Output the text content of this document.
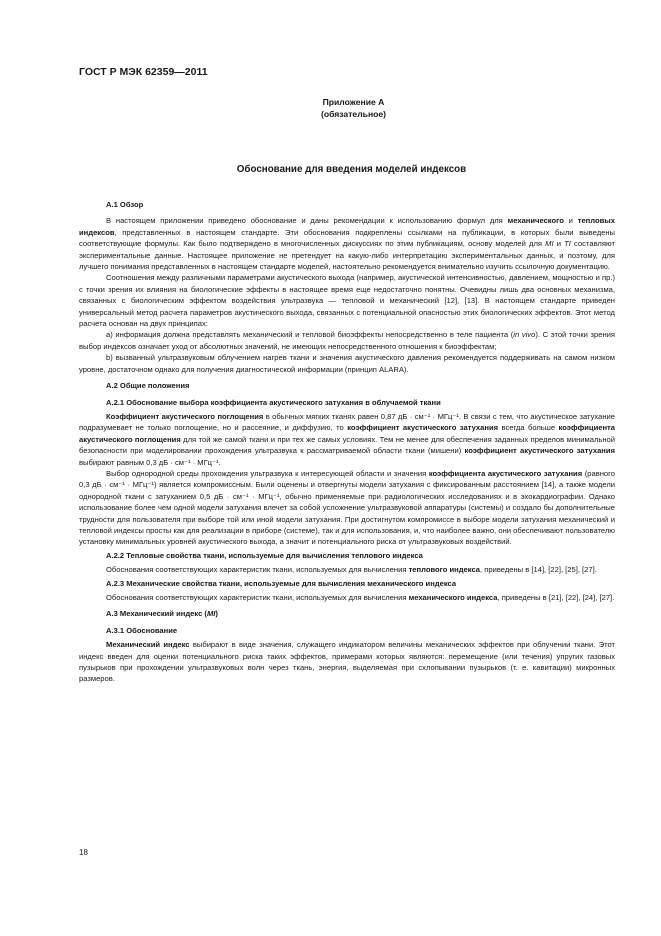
ГОСТ Р МЭК 62359—2011
Приложение А
(обязательное)
Обоснование для введения моделей индексов
А.1 Обзор

В настоящем приложении приведено обоснование и даны рекомендации к использованию формул для механического и тепловых индексов, представленных в настоящем стандарте. Эти обоснования подкреплены ссылками на публикации, в которых были выведены соответствующие формулы. Как было подтверждено в многочисленных дискуссиях по этим публикациям, основу моделей для MI и TI составляют экспериментальные данные. Настоящее приложение не претендует на какую-либо интерпретацию экспериментальных данных, и поэтому, для лучшего понимания представленных в настоящем стандарте моделей, настоятельно рекомендуется внимательно изучить ссылочную документацию.

Соотношения между различными параметрами акустического выхода (например, акустической интенсивностью, давлением, мощностью и пр.) с точки зрения их влияния на биологические эффекты в настоящее время еще недостаточно понятны. Очевидны лишь два основных механизма, связанных с биологическим эффектом воздействия ультразвука — тепловой и механический [12], [13]. В настоящем стандарте приведен универсальный метод расчета параметров акустического выхода, связанных с потенциальной опасностью этих биологических эффектов. Этот метод расчета основан на двух принципах:

a) информация должна представлять механический и тепловой биоэффекты непосредственно в теле пациента (in vivo). С этой точки зрения выбор индексов означает уход от абсолютных значений, не имеющих непосредственного отношения к биоэффектам;

b) вызванный ультразвуковым облучением нагрев ткани и значения акустического давления рекомендуется поддерживать на самом низком уровне, достаточном однако для получения диагностической информации (принцип ALARA).

А.2 Общие положения
А.2.1 Обоснование выбора коэффициента акустического затухания в облучаемой ткани

Коэффициент акустического поглощения в обычных мягких тканях равен 0,87 дБ · см⁻¹ · МГц⁻¹. В связи с тем, что акустическое затухание подразумевает не только поглощение, но и рассеяние, и диффузию, то коэффициент акустического затухания всегда больше коэффициента акустического поглощения для той же самой ткани и при тех же самых условиях. Тем не менее для обеспечения заданных пределов минимальной безопасности при моделировании прохождения ультразвука к рассматриваемой области ткани (мишени) коэффициент акустического затухания выбирают равным 0,3 дБ · см⁻¹ · МГц⁻¹.

Выбор однородной среды прохождения ультразвука к интересующей области и значения коэффициента акустического затухания (равного 0,3 дБ · см⁻¹ · МГц⁻¹) является компромиссным. Были оценены и отвергнуты модели затухания с фиксированным расстоянием [14], а также модели однородной ткани с затуханием 0,5 дБ · см⁻¹ · МГц⁻¹, обычно применяемые при радиологических исследованиях и в эхокардиографии. Однако использование более чем одной модели затухания влечет за собой усложнение ультразвуковой аппаратуры (системы) и создало бы дополнительные трудности для пользователя при выборе той или иной модели затухания. При достигнутом компромиссе в выборе модели затухания механический и тепловой индексы просты как для реализации в приборе (системе), так и для использования, и, что наиболее важно, они обеспечивают пользователю установку минимальных уровней акустического выхода, а значит и потенциального риска от ультразвуковых воздействий.

А.2.2 Тепловые свойства ткани, используемые для вычисления теплового индекса

Обоснования соответствующих характеристик ткани, используемых для вычисления теплового индекса, приведены в [14], [22], [25], [27].

А.2.3 Механические свойства ткани, используемые для вычисления механического индекса

Обоснования соответствующих характеристик ткани, используемых для вычисления механического индекса, приведены в [21], [22], [24], [27].

А.3 Механический индекс (MI)
А.3.1 Обоснование

Механический индекс выбирают в виде значения, служащего индикатором величины механических эффектов при облучении ткани. Этот индекс введен для оценки потенциального риска таких эффектов, примерами которых являются: перемещение (или течения) упругих газовых пузырьков при прохождении ультразвуковых волн через ткань, энергия, выделяемая при схлопывании пузырьков (т. е. кавитации) микронных размеров.

18
